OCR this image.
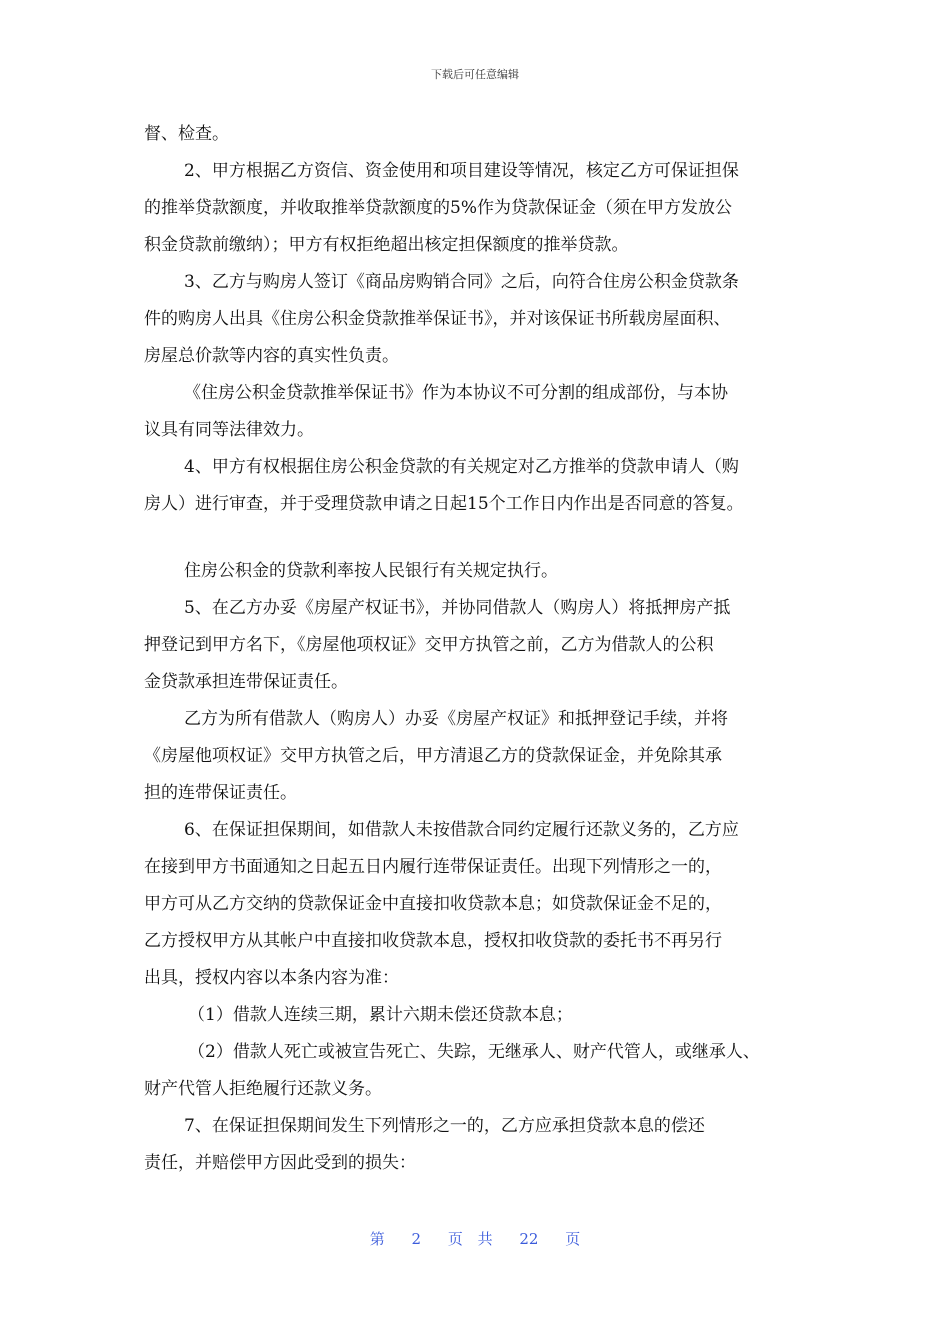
下载后可任意编辑
督、检查。
2、甲方根据乙方资信、资金使用和项目建设等情况，核定乙方可保证担保
的推举贷款额度，并收取推举贷款额度的5%作为贷款保证金（须在甲方发放公
积金贷款前缴纳）；甲方有权拒绝超出核定担保额度的推举贷款。
3、乙方与购房人签订《商品房购销合同》之后，向符合住房公积金贷款条
件的购房人出具《住房公积金贷款推举保证书》，并对该保证书所载房屋面积、
房屋总价款等内容的真实性负责。
《住房公积金贷款推举保证书》作为本协议不可分割的组成部份，与本协
议具有同等法律效力。
4、甲方有权根据住房公积金贷款的有关规定对乙方推举的贷款申请人（购
房人）进行审查，并于受理贷款申请之日起15个工作日内作出是否同意的答复。
住房公积金的贷款利率按人民银行有关规定执行。
5、在乙方办妥《房屋产权证书》，并协同借款人（购房人）将抵押房产抵
押登记到甲方名下，《房屋他项权证》交甲方执管之前，乙方为借款人的公积
金贷款承担连带保证责任。
乙方为所有借款人（购房人）办妥《房屋产权证》和抵押登记手续，并将
《房屋他项权证》交甲方执管之后，甲方清退乙方的贷款保证金，并免除其承
担的连带保证责任。
6、在保证担保期间，如借款人未按借款合同约定履行还款义务的，乙方应
在接到甲方书面通知之日起五日内履行连带保证责任。出现下列情形之一的，
甲方可从乙方交纳的贷款保证金中直接扣收贷款本息；如贷款保证金不足的，
乙方授权甲方从其帐户中直接扣收贷款本息，授权扣收贷款的委托书不再另行
出具，授权内容以本条内容为准：
（1）借款人连续三期，累计六期未偿还贷款本息；
（2）借款人死亡或被宣告死亡、失踪，无继承人、财产代管人，或继承人、
财产代管人拒绝履行还款义务。
7、在保证担保期间发生下列情形之一的，乙方应承担贷款本息的偿还
责任，并赔偿甲方因此受到的损失：
第 2 页 共 22 页
